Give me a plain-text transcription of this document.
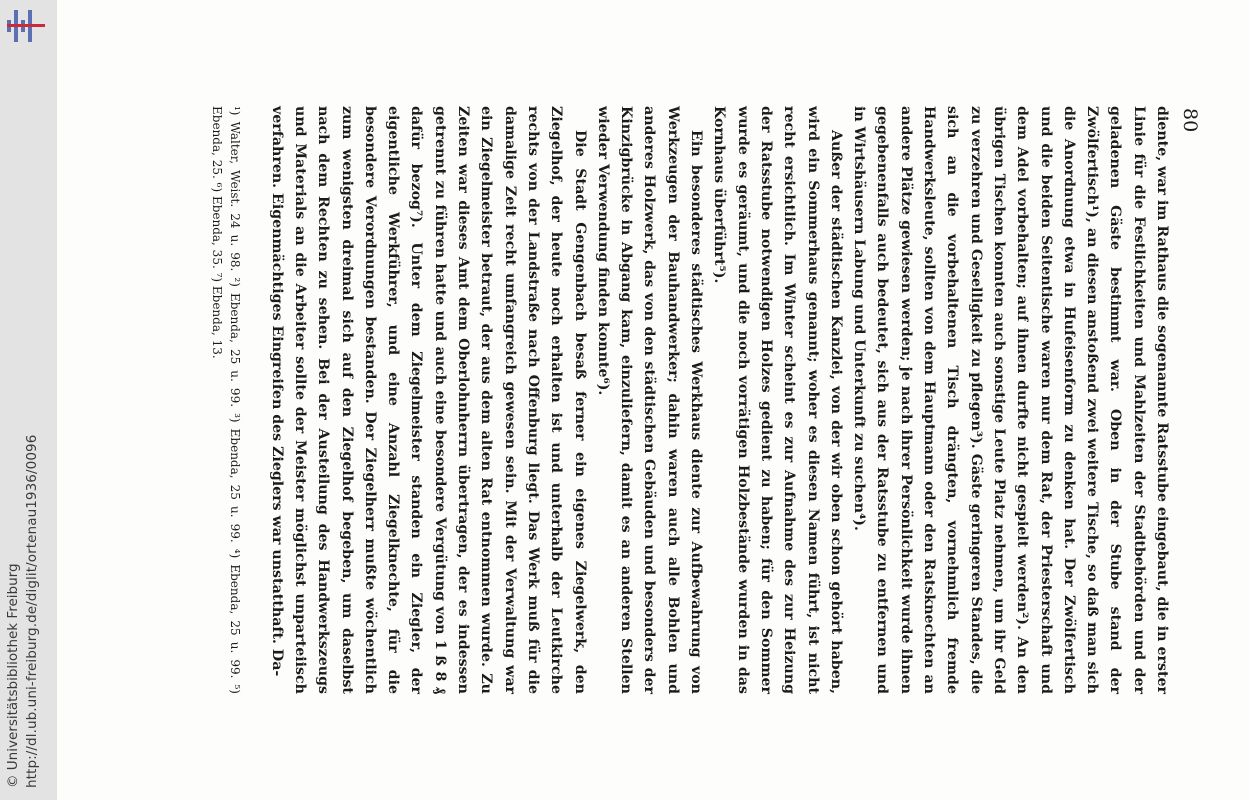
http://dl.ub.uni-freiburg.de/diglit/ortenau1936/0096
© Universitätsbibliothek Freiburg
80

diente, war im Rathaus die sogenannte Ratsstube eingebaut, die in erster Linie für die Festlichkeiten und Mahlzeiten der Stadtbehörden und der geladenen Gäste bestimmt war. Oben in der Stube stand der Zwölfertisch¹), an diesen anstoßend zwei weitere Tische, so daß man sich die Anordnung etwa in Hufeisenform zu denken hat. Der Zwölfertisch und die beiden Seitentische waren nur dem Rat, der Priesterschaft und dem Adel vorbehalten; auf ihnen durfte nicht gespielt werden²). An den übrigen Tischen konnten auch sonstige Leute Platz nehmen, um ihr Geld zu verzehren und Geselligkeit zu pflegen³). Gäste geringeren Standes, die sich an die vorbehaltenen Tisch drängten, vornehmlich fremde Handwerksleute, sollten von dem Hauptmann oder den Ratsknechten an andere Plätze gewiesen werden; je nach ihrer Persönlichkeit wurde ihnen gegebenenfalls auch bedeutet, sich aus der Ratsstube zu entfernen und in Wirtshäusern Labung und Unterkunft zu suchen⁴).

Außer der städtischen Kanzlei, von der wir oben schon gehört haben, wird ein Sommerhaus genannt; woher es diesen Namen führt, ist nicht recht ersichtlich. Im Winter scheint es zur Aufnahme des zur Heizung der Ratsstube notwendigen Holzes gedient zu haben; für den Sommer wurde es geräumt, und die noch vorrätigen Holzbestände wurden in das Kornhaus überführt⁵).

Ein besonderes städtisches Werkhaus diente zur Aufbewahrung von Werkzeugen der Bauhandwerker; dahin waren auch alle Bohlen und anderes Holzwerk, das von den städtischen Gebäuden und besonders der Kinzigbrücke in Abgang kam, einzuliefern, damit es an anderen Stellen wieder Verwendung finden konnte⁶).

Die Stadt Gengenbach besaß ferner ein eigenes Ziegelwerk, den Ziegelhof, der heute noch erhalten ist und unterhalb der Leutkirche rechts von der Landstraße nach Offenburg liegt. Das Werk muß für die damalige Zeit recht umfangreich gewesen sein. Mit der Verwaltung war ein Ziegelmeister betraut, der aus dem alten Rat entnommen wurde. Zu Zeiten war dieses Amt dem Oberlohnherrn übertragen, der es indessen getrennt zu führen hatte und auch eine besondere Vergütung von 1 ß 8 ₰ dafür bezog⁷). Unter dem Ziegelmeister standen ein Ziegler, der eigentliche Werkführer, und eine Anzahl Ziegelknechte, für die besondere Verordnungen bestanden. Der Ziegelherr mußte wöchentlich zum wenigsten dreimal sich auf den Ziegelhof begeben, um daselbst nach dem Rechten zu sehen. Bei der Austeilung des Handwerkszeugs und Materials an die Arbeiter sollte der Meister möglichst unparteiisch verfahren. Eigenmächtiges Eingreifen des Zieglers war unstatthaft. Da-

¹) Walter, Weist. 24 u. 98. ²) Ebenda, 25 u. 99. ³) Ebenda, 25 u. 99. ⁴) Ebenda, 25 u. 99. ⁵) Ebenda, 25. ⁶) Ebenda, 35. ⁷) Ebenda, 13.
